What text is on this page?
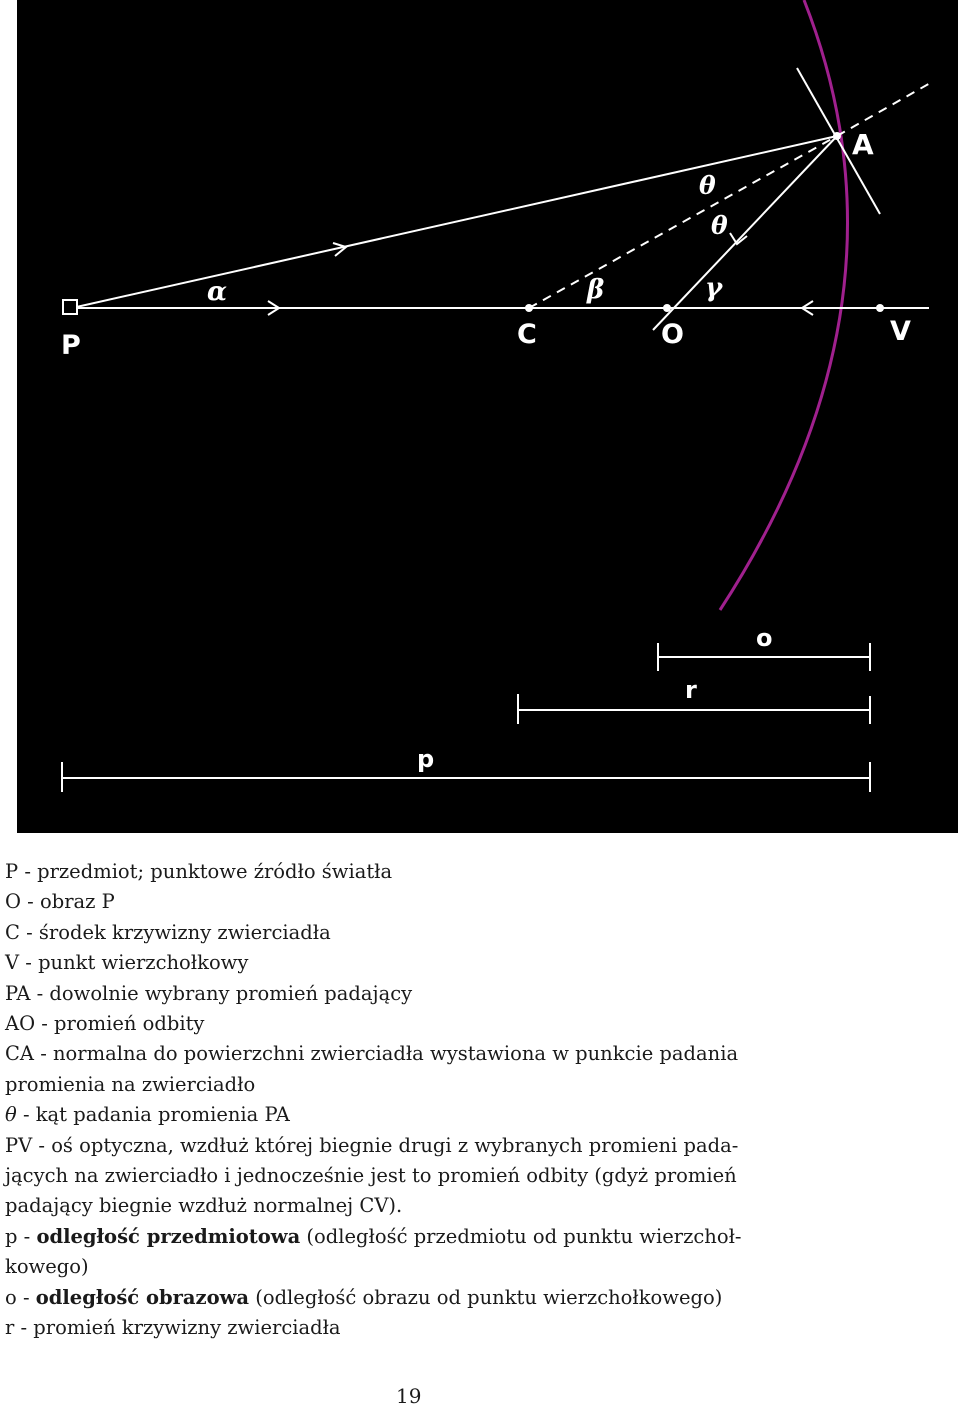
P	C	O	V
A
α	β	γ
θ
θ
o
r
p
P - przedmiot; punktowe źródło światła
O - obraz P
C - środek krzywizny zwierciadła
V - punkt wierzchołkowy
PA - dowolnie wybrany promień padający
AO - promień odbity
CA - normalna do powierzchni zwierciadła wystawiona w punkcie padania
promienia na zwierciadło
θ - kąt padania promienia PA
PV - oś optyczna, wzdłuż której biegnie drugi z wybranych promieni pada-
jących na zwierciadło i jednocześnie jest to promień odbity (gdyż promień
padający biegnie wzdłuż normalnej CV).
p - odległość przedmiotowa (odległość przedmiotu od punktu wierzchoł-
kowego)
o - odległość obrazowa (odległość obrazu od punktu wierzchołkowego)
r - promień krzywizny zwierciadła
19
